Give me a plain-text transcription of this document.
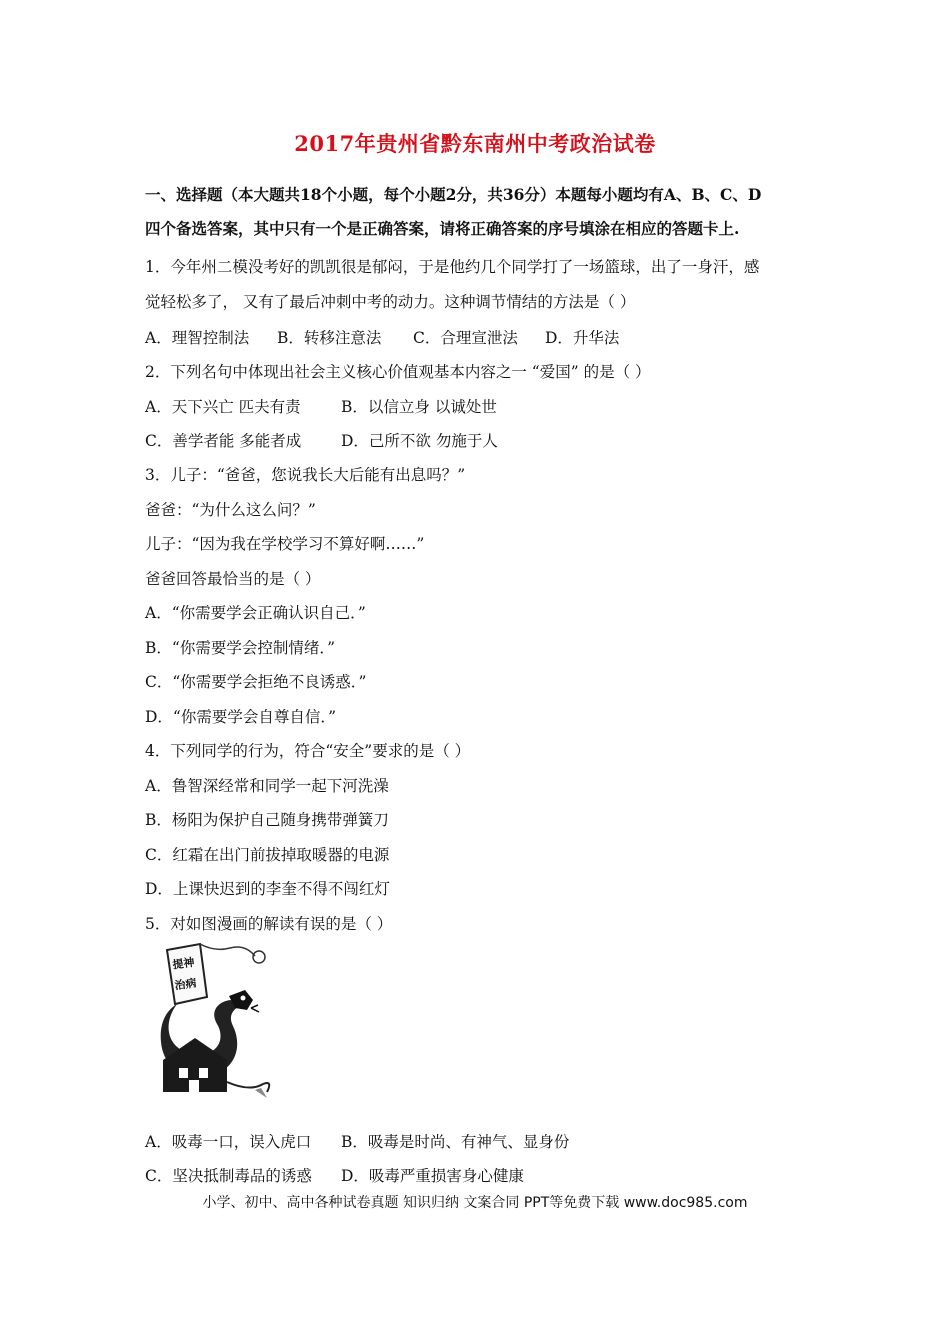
2017年贵州省黔东南州中考政治试卷
一、选择题（本大题共18个小题，每个小题2分，共36分）本题每小题均有A、B、C、D
四个备选答案，其中只有一个是正确答案，请将正确答案的序号填涂在相应的答题卡上.
1．今年州二模没考好的凯凯很是郁闷，于是他约几个同学打了一场篮球，出了一身汗，感
觉轻松多了， 又有了最后冲刺中考的动力。这种调节情结的方法是（ ）
A．理智控制法 B．转移注意法 C．合理宣泄法 D．升华法
2．下列名句中体现出社会主义核心价值观基本内容之一 “爱国” 的是（ ）
A．天下兴亡 匹夫有责	B．以信立身 以诚处世
C．善学者能 多能者成	D．己所不欲 勿施于人
3．儿子：“爸爸，您说我长大后能有出息吗？”
爸爸：“为什么这么问？”
儿子：“因为我在学校学习不算好啊……”
爸爸回答最恰当的是（ ）
A．“你需要学会正确认识自己．”
B．“你需要学会控制情绪．”
C．“你需要学会拒绝不良诱惑．”
D．“你需要学会自尊自信．”
4．下列同学的行为，符合“安全”要求的是（ ）
A．鲁智深经常和同学一起下河洗澡
B．杨阳为保护自己随身携带弹簧刀
C．红霜在出门前拔掉取暖器的电源
D．上课快迟到的李奎不得不闯红灯
5．对如图漫画的解读有误的是（ ）
提神
治病
A．吸毒一口，误入虎口 B．吸毒是时尚、有神气、显身份
C．坚决抵制毒品的诱惑 D．吸毒严重损害身心健康
小学、初中、高中各种试卷真题 知识归纳 文案合同 PPT等免费下载 www.doc985.com
